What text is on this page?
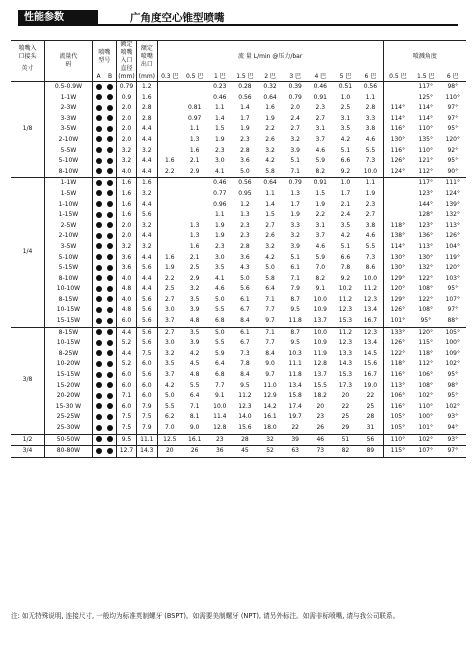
性能参数	广角度空心锥型喷嘴
喷嘴入口接头
英寸	流量代码	喷嘴型号		额定喷嘴入口直径	额定喷嘴出口	流 量 L/min @压力/bar									喷溅角度		

		A	B	(mm)	(mm)	0.3 巴	0.5 巴	1 巴	1.5 巴	2 巴	3 巴	4 巴	5 巴	6 巴	0.5 巴	1.5 巴	6 巴
1/8	0.5-0.9W			0.79	1.2			0.23	0.28	0.32	0.39	0.46	0.51	0.56		117°	98°
	1-1W			0.9	1.6			0.46	0.56	0.64	0.79	0.91	1.0	1.1		125°	110°
	2-3W			2.0	2.8		0.81	1.1	1.4	1.6	2.0	2.3	2.5	2.8	114°	114°	97°
	3-3W			2.0	2.8		0.97	1.4	1.7	1.9	2.4	2.7	3.1	3.3	114°	114°	97°
	3-5W			2.0	4.4		1.1	1.5	1.9	2.2	2.7	3.1	3.5	3.8	116°	110°	95°
	2-10W			2.0	4.4		1.3	1.9	2.3	2.6	3.2	3.7	4.2	4.6	130°	135°	120°
	5-5W			3.2	3.2		1.6	2.3	2.8	3.2	3.9	4.6	5.1	5.5	116°	110°	92°
	5-10W			3.2	4.4	1.6	2.1	3.0	3.6	4.2	5.1	5.9	6.6	7.3	126°	121°	95°
	8-10W			4.0	4.4	2.2	2.9	4.1	5.0	5.8	7.1	8.2	9.2	10.0	124°	112°	90°
1/4	1-1W			1.6	1.6			0.46	0.56	0.64	0.79	0.91	1.0	1.1		117°	111°
	1-5W			1.6	3.2			0.77	0.95	1.1	1.3	1.5	1.7	1.9		123°	124°
	1-10W			1.6	4.4			0.96	1.2	1.4	1.7	1.9	2.1	2.3		144°	139°
	1-15W			1.6	5.6			1.1	1.3	1.5	1.9	2.2	2.4	2.7		128°	132°
	2-5W			2.0	3.2		1.3	1.9	2.3	2.7	3.3	3.1	3.5	3.8	118°	123°	113°
	2-10W			2.0	4.4		1.3	1.9	2.3	2.6	3.2	3.7	4.2	4.6	138°	136°	126°
	3-5W			3.2	3.2		1.6	2.3	2.8	3.2	3.9	4.6	5.1	5.5	114°	113°	104°
	5-10W			3.6	4.4	1.6	2.1	3.0	3.6	4.2	5.1	5.9	6.6	7.3	130°	130°	119°
	5-15W			3.6	5.6	1.9	2.5	3.5	4.3	5.0	6.1	7.0	7.8	8.6	130°	132°	120°
	8-10W			4.0	4.4	2.2	2.9	4.1	5.0	5.8	7.1	8.2	9.2	10.0	129°	122°	103°
	10-10W			4.8	4.4	2.5	3.2	4.6	5.6	6.4	7.9	9.1	10.2	11.2	120°	108°	95°
	8-15W			4.0	5.6	2.7	3.5	5.0	6.1	7.1	8.7	10.0	11.2	12.3	129°	122°	107°
	10-15W			4.8	5.6	3.0	3.9	5.5	6.7	7.7	9.5	10.9	12.3	13.4	126°	108°	97°
	15-15W			6.0	5.6	3.7	4.8	6.8	8.4	9.7	11.8	13.7	15.3	16.7	101°	95°	88°
3/8	8-15W			4.4	5.6	2.7	3.5	5.0	6.1	7.1	8.7	10.0	11.2	12.3	133°	120°	105°
	10-15W			5.2	5.6	3.0	3.9	5.5	6.7	7.7	9.5	10.9	12.3	13.4	126°	115°	100°
	8-25W			4.4	7.5	3.2	4.2	5.9	7.3	8.4	10.3	11.9	13.3	14.5	122°	118°	109°
	10-20W			5.2	6.0	3.5	4.5	6.4	7.8	9.0	11.1	12.8	14.3	15.6	118°	112°	102°
	15-15W			6.0	5.6	3.7	4.8	6.8	8.4	9.7	11.8	13.7	15.3	16.7	116°	106°	95°
	15-20W			6.0	6.0	4.2	5.5	7.7	9.5	11.0	13.4	15.5	17.3	19.0	113°	108°	98°
	20-20W			7.1	6.0	5.0	6.4	9.1	11.2	12.9	15.8	18.2	20	22	106°	102°	95°
	15-30 W			6.0	7.9	5.5	7.1	10.0	12.3	14.2	17.4	20	22	25	116°	110°	102°
	25-25W			7.5	7.5	6.2	8.1	11.4	14.0	16.1	19.7	23	25	28	105°	100°	93°
	25-30W			7.5	7.9	7.0	9.0	12.8	15.6	18.0	22	26	29	31	105°	101°	94°
1/2	50-50W			9.5	11.1	12.5	16.1	23	28	32	39	46	51	56	110°	102°	93°
3/4	80-80W			12.7	14.3	20	26	36	45	52	63	73	82	89	115°	107°	97°
注: 如无特殊说明, 连接尺寸, 一般均为标准英制螺牙 (BSPT)。如需要美制螺牙 (NPT), 请另外标注。如需非标喷嘴, 请与我公司联系。
